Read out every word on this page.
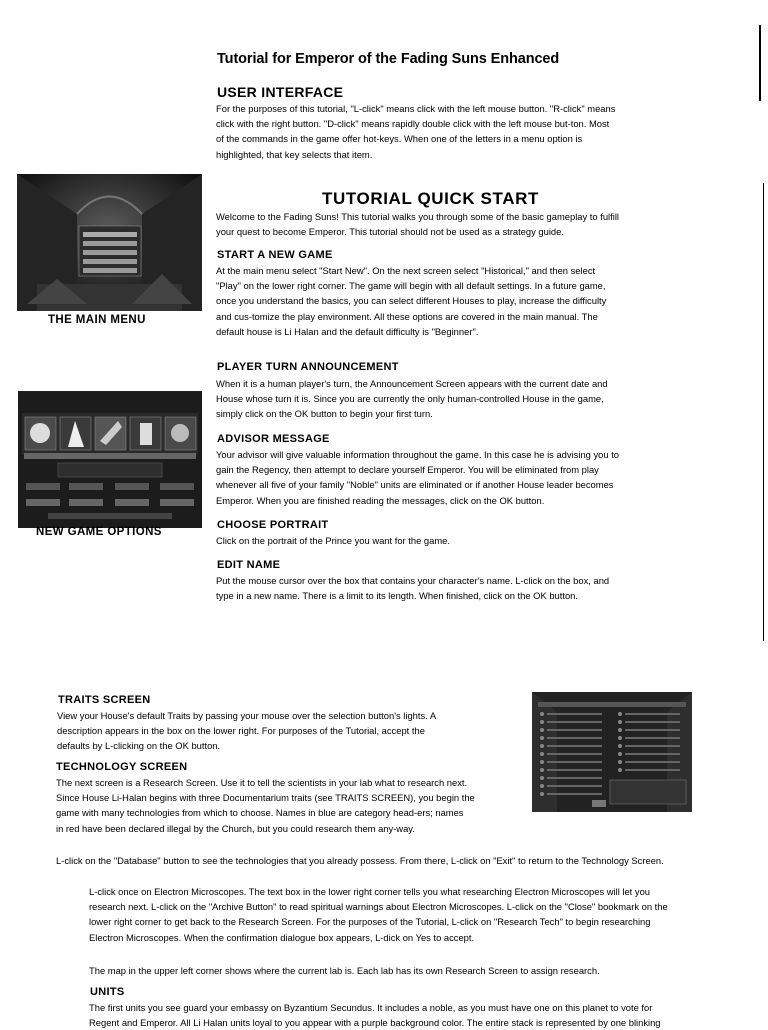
Tutorial for Emperor of the Fading Suns Enhanced
USER INTERFACE
For the purposes of this tutorial, "L-click" means click with the left mouse button. "R-click" means
click with the right button. "D-click" means rapidly double click with the left mouse but-ton. Most
of the commands in the game offer hot-keys. When one of the letters in a menu option is
highlighted, that key selects that item.
THE MAIN MENU
TUTORIAL QUICK START
Welcome to the Fading Suns! This tutorial walks you through some of the basic gameplay to fulfill
your quest to become Emperor. This tutorial should not be used as a strategy guide.
START A NEW GAME
At the main menu select "Start New". On the next screen select "Historical," and then select
"Play" on the lower right corner. The game will begin with all default settings. In a future game,
once you understand the basics, you can select different Houses to play, increase the difficulty
and cus-tomize the play environment. All these options are covered in the main manual. The
default house is Li Halan and the default difficulty is "Beginner".
NEW GAME OPTIONS
PLAYER TURN ANNOUNCEMENT
When it is a human player's turn, the Announcement Screen appears with the current date and
House whose turn it is. Since you are currently the only human-controlled House in the game,
simply click on the OK button to begin your first turn.
ADVISOR MESSAGE
Your advisor will give valuable information throughout the game. In this case he is advising you to
gain the Regency, then attempt to declare yourself Emperor. You will be eliminated from play
whenever all five of your family "Noble" units are eliminated or if another House leader becomes
Emperor. When you are finished reading the messages, click on the OK button.
CHOOSE PORTRAIT
Click on the portrait of the Prince you want for the game.
EDIT NAME
Put the mouse cursor over the box that contains your character's name. L-click on the box, and
type in a new name. There is a limit to its length. When finished, click on the OK button.
TRAITS SCREEN
View your House's default Traits by passing your mouse over the selection button's lights. A
description appears in the box on the lower right. For purposes of the Tutorial, accept the
defaults by L-clicking on the OK button.
TECHNOLOGY SCREEN
The next screen is a Research Screen. Use it to tell the scientists in your lab what to research next.
Since House Li-Halan begins with three Documentarium traits (see TRAITS SCREEN), you begin the
game with many technologies from which to choose. Names in blue are category head-ers; names
in red have been declared illegal by the Church, but you could research them any-way.
L-click on the "Database" button to see the technologies that you already possess. From there, L-click on "Exit" to return to the Technology Screen.
L-click once on Electron Microscopes. The text box in the lower right corner tells you what researching Electron Microscopes will let you
research next. L-click on the "Archive Button" to read spiritual warnings about Electron Microscopes. L-click on the "Close" bookmark on the
lower right corner to get back to the Research Screen. For the purposes of the Tutorial, L-click on "Research Tech" to begin researching
Electron Microscopes. When the confirmation dialogue box appears, L-dick on Yes to accept.
The map in the upper left corner shows where the current lab is. Each lab has its own Research Screen to assign research.
UNITS
The first units you see guard your embassy on Byzantium Secundus. It includes a noble, as you must have one on this planet to vote for
Regent and Emperor. All Li Halan units loyal to you appear with a purple background color. The entire stack is represented by one blinking
